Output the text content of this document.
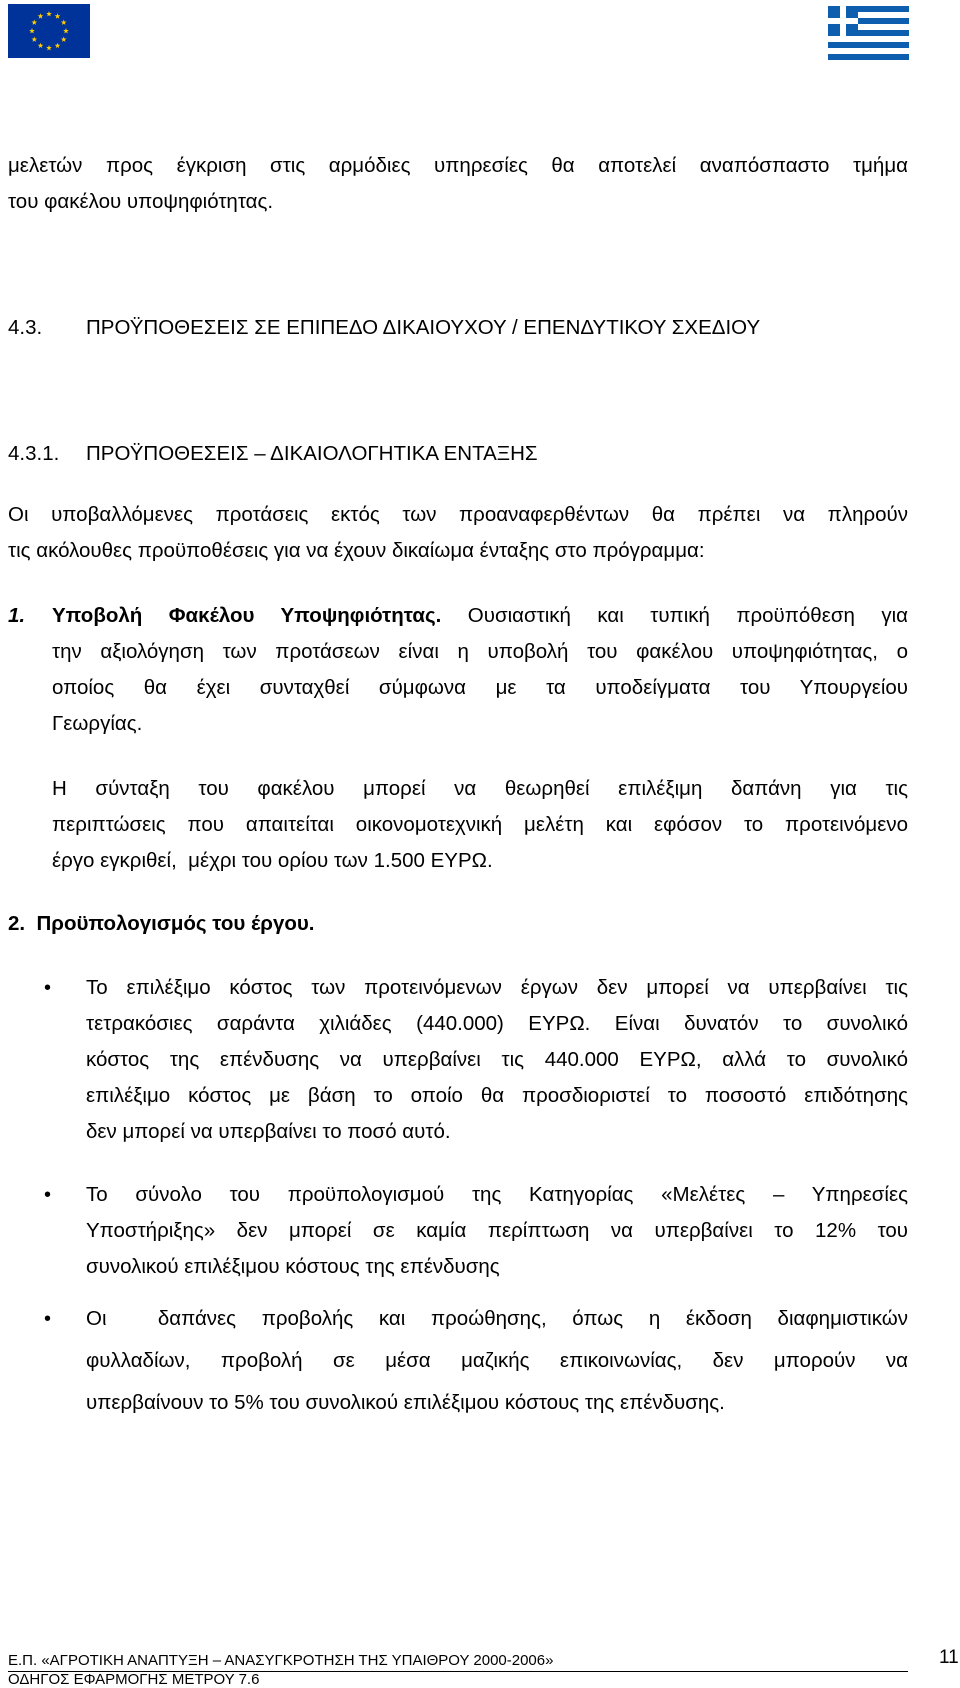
μελετών προς έγκριση στις αρμόδιες υπηρεσίες θα αποτελεί αναπόσπαστο τμήμα

του φακέλου υποψηφιότητας.

4.3. ΠΡΟΫΠΟΘΕΣΕΙΣ ΣΕ ΕΠΙΠΕΔΟ ΔΙΚΑΙΟΥΧΟΥ / ΕΠΕΝΔΥΤΙΚΟΥ ΣΧΕΔΙΟΥ
4.3.1. ΠΡΟΫΠΟΘΕΣΕΙΣ – ΔΙΚΑΙΟΛΟΓΗΤΙΚΑ ΕΝΤΑΞΗΣ

Οι υποβαλλόμενες προτάσεις εκτός των προαναφερθέντων θα πρέπει να πληρούν

τις ακόλουθες προϋποθέσεις για να έχουν δικαίωμα ένταξης στο πρόγραμμα:

1. Υποβολή Φακέλου Υποψηφιότητας. Ουσιαστική και τυπική προϋπόθεση για

την αξιολόγηση των προτάσεων είναι η υποβολή του φακέλου υποψηφιότητας, ο

οποίος θα έχει συνταχθεί σύμφωνα με τα υποδείγματα του Υπουργείου

Γεωργίας.

Η σύνταξη του φακέλου μπορεί να θεωρηθεί επιλέξιμη δαπάνη για τις

περιπτώσεις που απαιτείται οικονομοτεχνική μελέτη και εφόσον το προτεινόμενο

έργο εγκριθεί,  μέχρι του ορίου των 1.500 ΕΥΡΩ.

2.  Προϋπολογισμός του έργου.
• Το επιλέξιμο κόστος των προτεινόμενων έργων δεν μπορεί να υπερβαίνει τις

τετρακόσιες σαράντα χιλιάδες (440.000) ΕΥΡΩ. Είναι δυνατόν το συνολικό

κόστος της επένδυσης να υπερβαίνει τις 440.000 ΕΥΡΩ, αλλά το συνολικό

επιλέξιμο κόστος με βάση το οποίο θα προσδιοριστεί το ποσοστό επιδότησης

δεν μπορεί να υπερβαίνει το ποσό αυτό.

• Το σύνολο του προϋπολογισμού της Κατηγορίας «Μελέτες – Υπηρεσίες

Υποστήριξης» δεν μπορεί σε καμία περίπτωση να υπερβαίνει το 12% του

συνολικού επιλέξιμου κόστους της επένδυσης

• Οι  δαπάνες προβολής και προώθησης, όπως η έκδοση διαφημιστικών

φυλλαδίων, προβολή σε μέσα μαζικής επικοινωνίας, δεν μπορούν να

υπερβαίνουν το 5% του συνολικού επιλέξιμου κόστους της επένδυσης.

Ε.Π. «ΑΓΡΟΤΙΚΗ ΑΝΑΠΤΥΞΗ – ΑΝΑΣΥΓΚΡΟΤΗΣΗ ΤΗΣ ΥΠΑΙΘΡΟΥ 2000-2006»
ΟΔΗΓΟΣ ΕΦΑΡΜΟΓΗΣ ΜΕΤΡΟΥ 7.6
11
